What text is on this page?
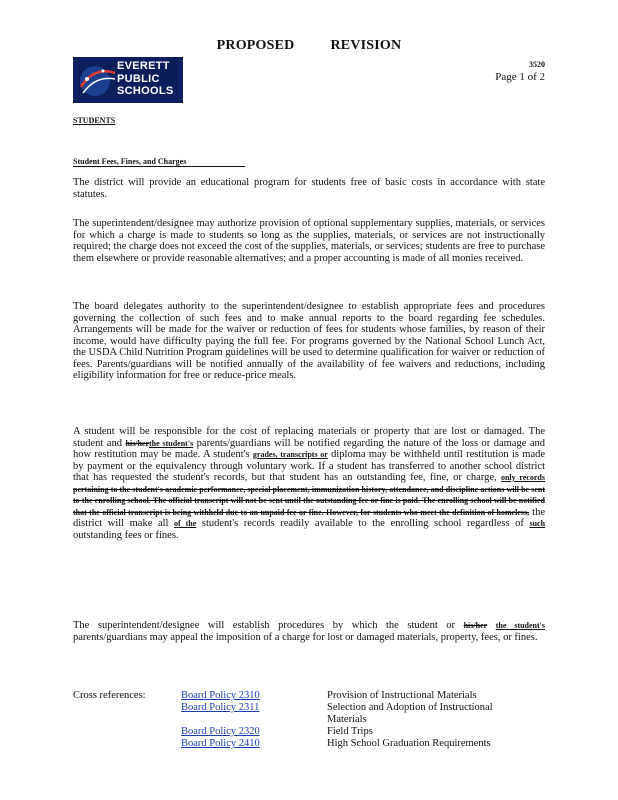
PROPOSED	REVISION
EVERETT
PUBLIC
SCHOOLS
3520
Page 1 of 2
STUDENTS
Student Fees, Fines, and Charges

The district will provide an educational program for students free of basic costs in accordance with state statutes.

The superintendent/designee may authorize provision of optional supplementary supplies, materials, or services for which a charge is made to students so long as the supplies, materials, or services are not instructionally required; the charge does not exceed the cost of the supplies, materials, or services; students are free to purchase them elsewhere or provide reasonable alternatives; and a proper accounting is made of all monies received.

The board delegates authority to the superintendent/designee to establish appropriate fees and procedures governing the collection of such fees and to make annual reports to the board regarding fee schedules. Arrangements will be made for the waiver or reduction of fees for students whose families, by reason of their income, would have difficulty paying the full fee. For programs governed by the National School Lunch Act, the USDA Child Nutrition Program guidelines will be used to determine qualification for waiver or reduction of fees. Parents/guardians will be notified annually of the availability of fee waivers and reductions, including eligibility information for free or reduce-price meals.

A student will be responsible for the cost of replacing materials or property that are lost or damaged. The student and his/herthe student's parents/guardians will be notified regarding the nature of the loss or damage and how restitution may be made. A student's grades, transcripts or diploma may be withheld until restitution is made by payment or the equivalency through voluntary work. If a student has transferred to another school district that has requested the student's records, but that student has an outstanding fee, fine, or charge, only records pertaining to the student's academic performance, special placement, immunization history, attendance, and discipline actions will be sent to the enrolling school. The official transcript will not be sent until the outstanding fee or fine is paid. The enrolling school will be notified that the official transcript is being withheld due to an unpaid fee or fine. However, for students who meet the definition of homeless, the district will make all of the student's records readily available to the enrolling school regardless of such outstanding fees or fines.

The superintendent/designee will establish procedures by which the student or his/her the student's parents/guardians may appeal the imposition of a charge for lost or damaged materials, property, fees, or fines.

Cross references:	Board Policy 2310	Provision of Instructional Materials
Board Policy 2311	Selection and Adoption of Instructional Materials
Board Policy 2320	Field Trips
Board Policy 2410	High School Graduation Requirements
